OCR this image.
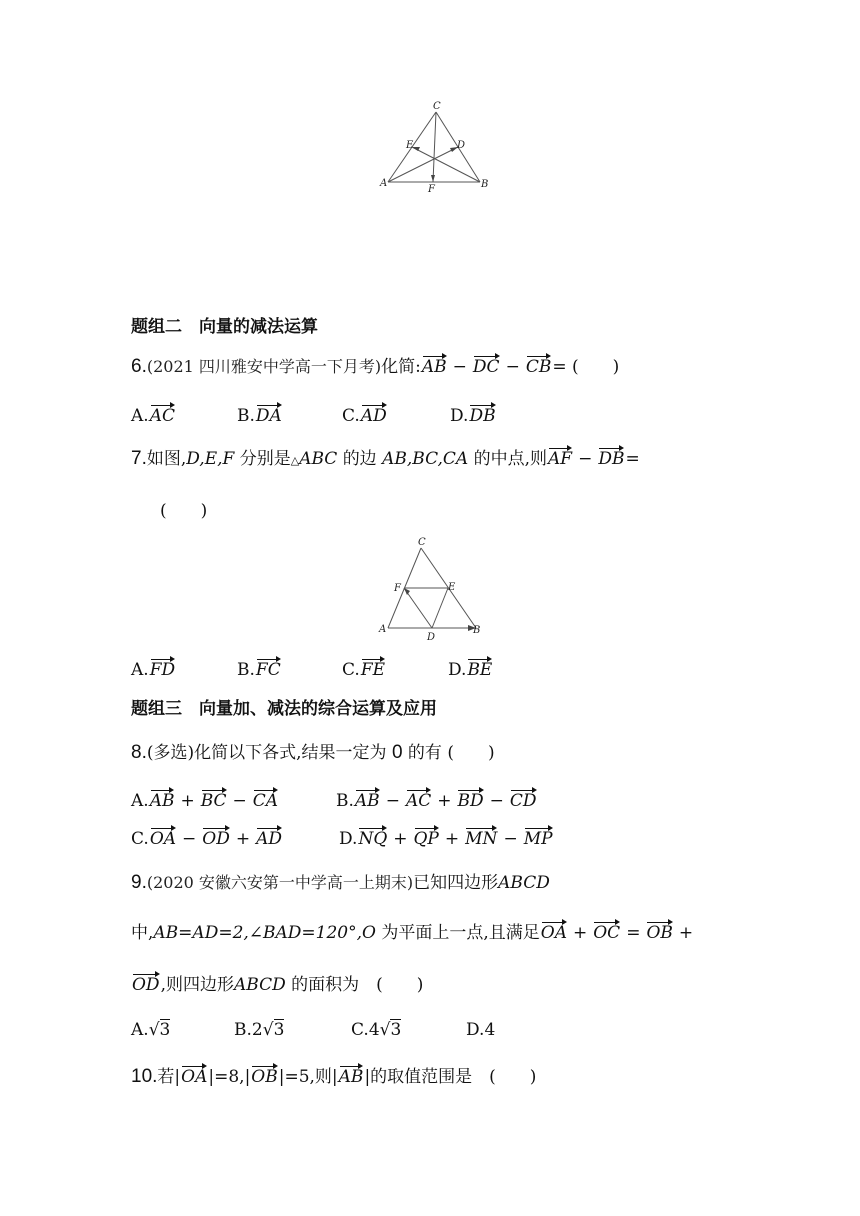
C
E	D
A	B
F
题组二　向量的减法运算
6.(2021 四川雅安中学高一下月考)化简:AB − DC − CB= (　　)
A.AC	B.DA	C.AD	D.DB
7.如图,D,E,F 分别是△ABC 的边 AB,BC,CA 的中点,则AF − DB=
(　　)
C
F	E
A	B
D
A.FD	B.FC	C.FE	D.BE
题组三　向量加、减法的综合运算及应用
8.(多选)化简以下各式,结果一定为 0 的有 (　　)
A.AB + BC − CA	B.AB − AC + BD − CD
C.OA − OD + AD	D.NQ + QP + MN − MP
9.(2020 安徽六安第一中学高一上期末)已知四边形ABCD
中,AB=AD=2,∠BAD=120°,O 为平面上一点,且满足OA + OC = OB +
OD,则四边形ABCD 的面积为　 (　　)
A.√3	B.2√3	C.4√3	D.4
10.若|OA|=8,|OB|=5,则|AB|的取值范围是　 (　　)
